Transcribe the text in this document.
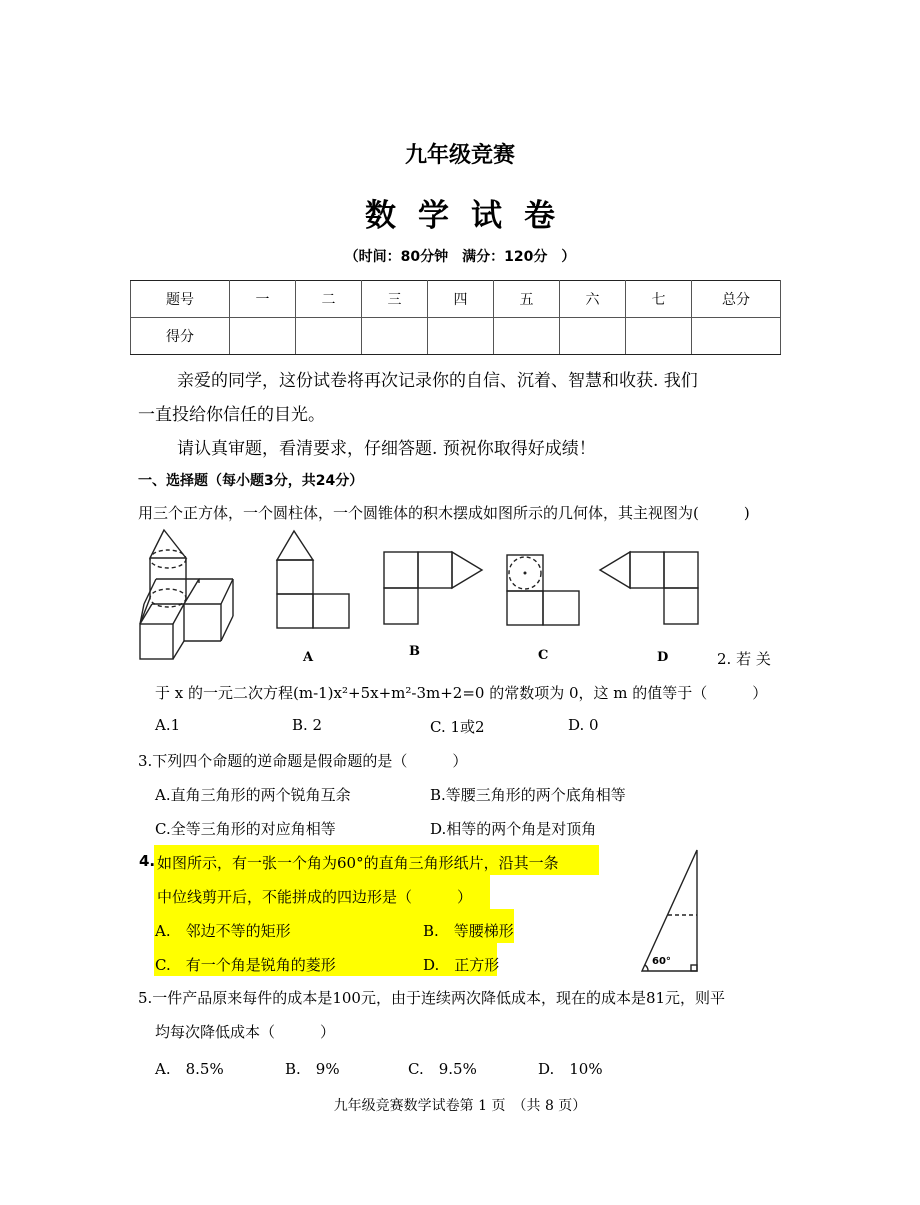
九年级竞赛
数学试卷
（时间：80分钟　满分：120分　）
题号	一	二	三	四	五	六	七	总分
得分								
亲爱的同学，这份试卷将再次记录你的自信、沉着、智慧和收获. 我们
一直投给你信任的目光。
请认真审题，看清要求，仔细答题. 预祝你取得好成绩！
一、选择题（每小题3分，共24分）
用三个正方体，一个圆柱体，一个圆锥体的积木摆成如图所示的几何体，其主视图为(　　　)
A	B	C	D	2. 若 关
于 x 的一元二次方程(m-1)x²+5x+m²-3m+2=0 的常数项为 0，这 m 的值等于（　　　）
A.1	B. 2	C. 1或2	D. 0
3.下列四个命题的逆命题是假命题的是（　　　）
A.直角三角形的两个锐角互余	B.等腰三角形的两个底角相等
C.全等三角形的对应角相等	D.相等的两个角是对顶角
4. 如图所示，有一张一个角为60°的直角三角形纸片，沿其一条
中位线剪开后，不能拼成的四边形是（　　　）
A.　邻边不等的矩形	B.　等腰梯形
C.　有一个角是锐角的菱形	D.　正方形	60°
5.一件产品原来每件的成本是100元，由于连续两次降低成本，现在的成本是81元，则平
均每次降低成本（　　　）
A.　8.5%	B.　9%	C.　9.5%	D.　10%
九年级竞赛数学试卷第 1 页　（共 8 页）
